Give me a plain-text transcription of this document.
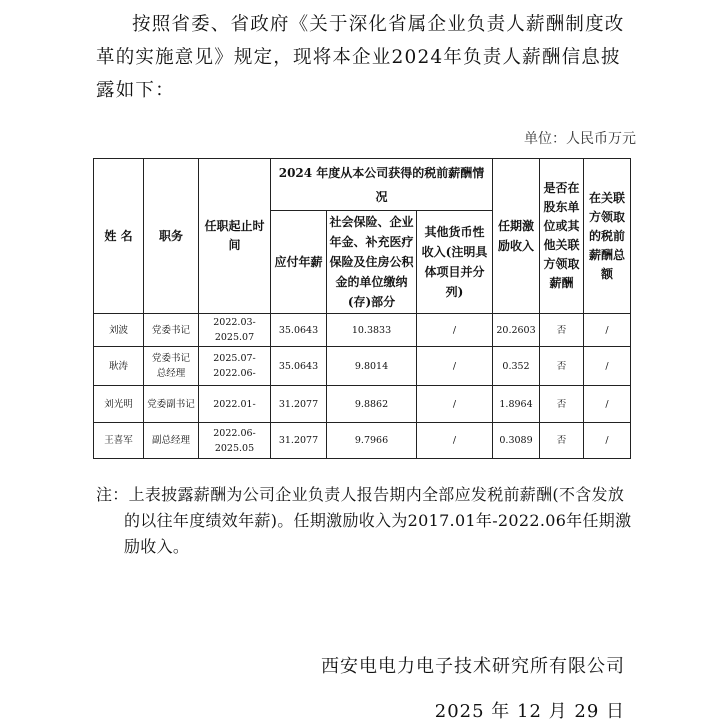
按照省委、省政府《关于深化省属企业负责人薪酬制度改革的实施意见》规定，现将本企业2024年负责人薪酬信息披露如下：

单位：人民币万元
姓 名	职务	任职起止时间	2024 年度从本公司获得的税前薪酬情况			任期激励收入	是否在股东单位或其他关联方领取薪酬	在关联方领取的税前薪酬总额
			应付年薪	社会保险、企业年金、补充医疗保险及住房公积金的单位缴纳(存)部分	其他货币性收入(注明具体项目并分列)			
刘波	党委书记	2022.03-2025.07	35.0643	10.3833	/	20.2603	否	/
耿涛	党委书记 总经理	2025.07- 2022.06-	35.0643	9.8014	/	0.352	否	/
刘光明	党委副书记	2022.01-	31.2077	9.8862	/	1.8964	否	/
王喜军	副总经理	2022.06-2025.05	31.2077	9.7966	/	0.3089	否	/
注：上表披露薪酬为公司企业负责人报告期内全部应发税前薪酬(不含发放
的以往年度绩效年薪)。任期激励收入为2017.01年-2022.06年任期激
励收入。
西安电电力电子技术研究所有限公司
2025 年 12 月 29 日
